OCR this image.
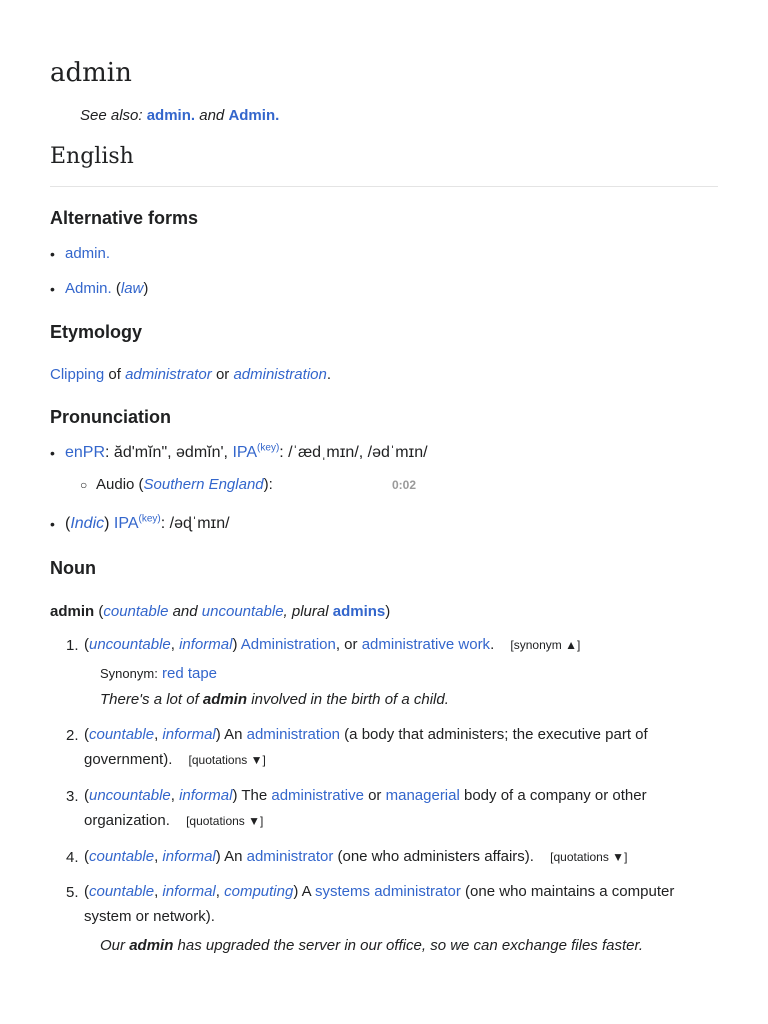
admin
See also: admin. and Admin.
English
Alternative forms
• admin.
• Admin. (law)
Etymology
Clipping of administrator or administration.
Pronunciation
• enPR: ăd'mĭn", ədmĭn', $IPA^{(key)}$: /ˈædˌmɪn/, /ədˈmɪn/
○ Audio (Southern England):	0:02
• (Indic) $IPA^{(key)}$: /əɖˈmɪn/
Noun
admin (countable and uncountable, plural admins)
1. (uncountable, informal) Administration, or administrative work. [synonym ▲]
Synonym: red tape
There's a lot of admin involved in the birth of a child.
2. (countable, informal) An administration (a body that administers; the executive part of
government). [quotations ▼]
3. (uncountable, informal) The administrative or managerial body of a company or other
organization. [quotations ▼]
4. (countable, informal) An administrator (one who administers affairs). [quotations ▼]
5. (countable, informal, computing) A systems administrator (one who maintains a computer
system or network).
Our admin has upgraded the server in our office, so we can exchange files faster.
